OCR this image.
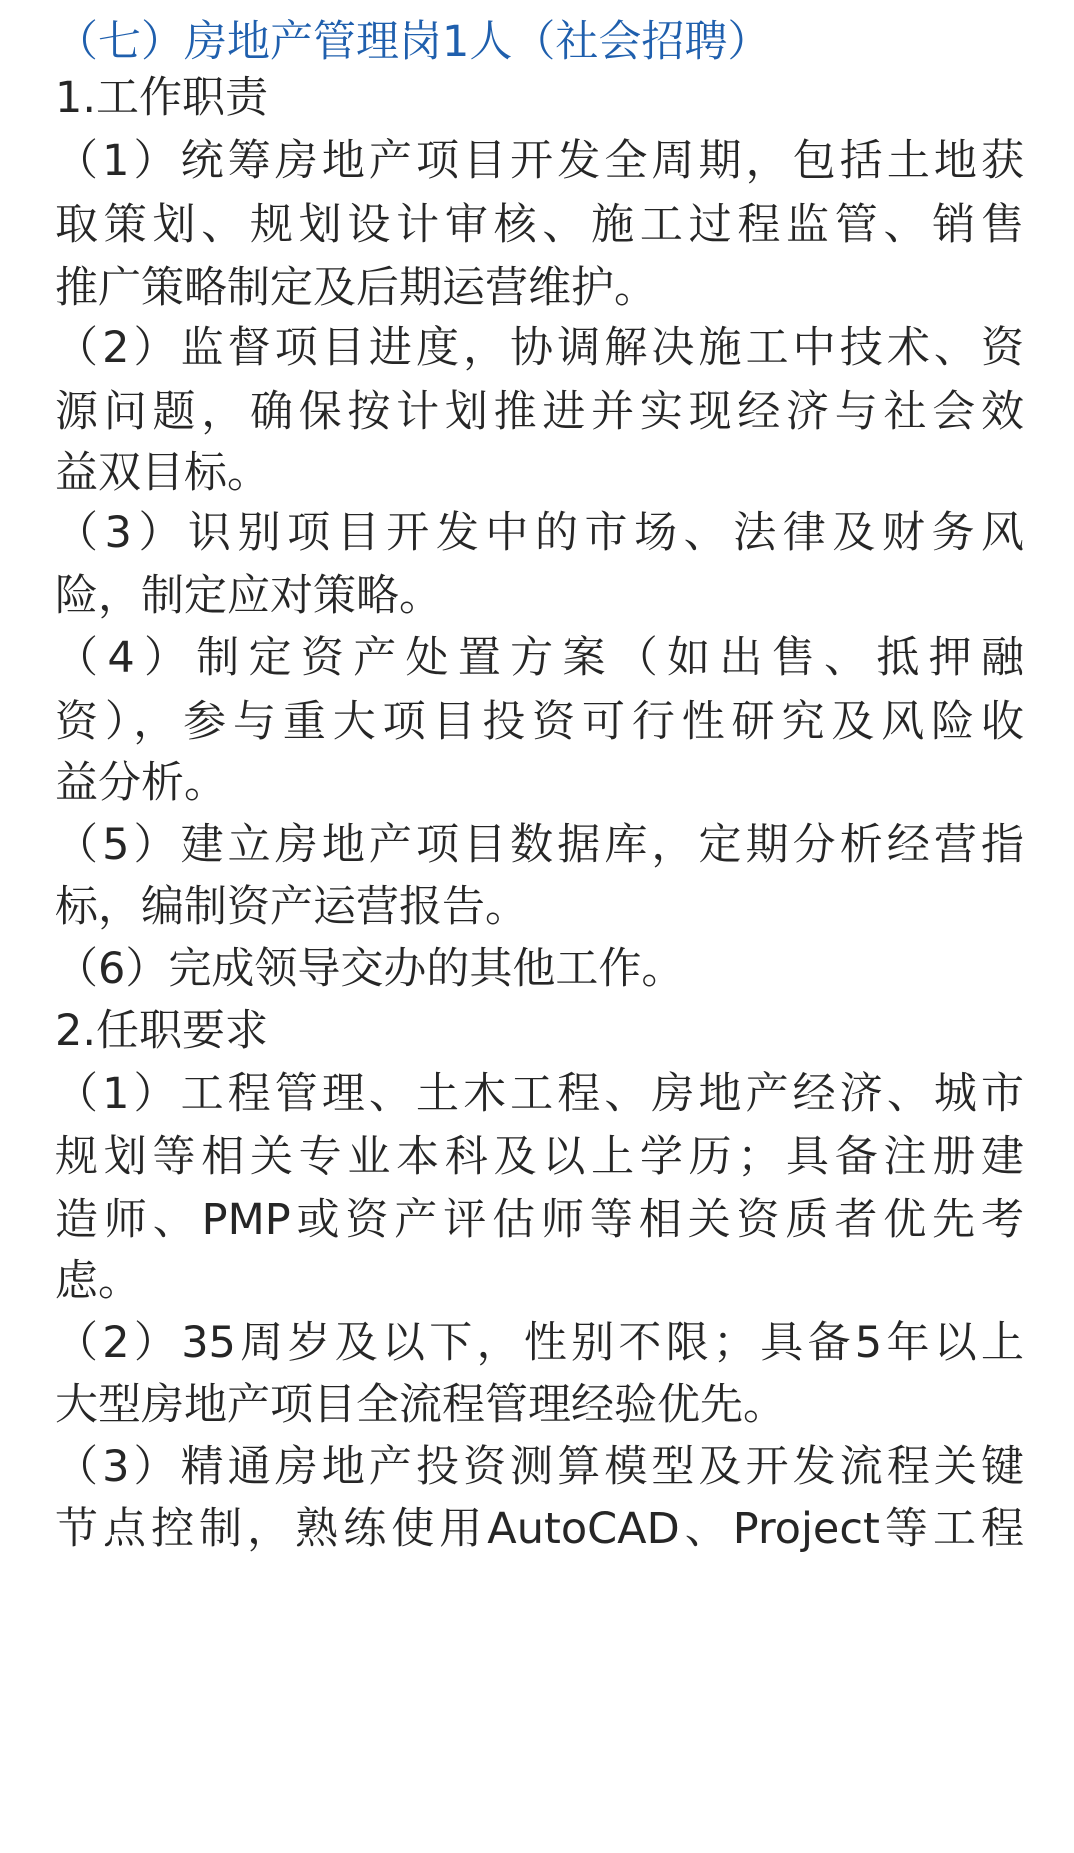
（七）房地产管理岗1人（社会招聘）
1.工作职责
（1）统筹房地产项目开发全周期，包括土地获
取策划、规划设计审核、施工过程监管、销售
推广策略制定及后期运营维护。
（2）监督项目进度，协调解决施工中技术、资
源问题，确保按计划推进并实现经济与社会效
益双目标。
（3）识别项目开发中的市场、法律及财务风
险，制定应对策略。
（4）制定资产处置方案（如出售、抵押融
资），参与重大项目投资可行性研究及风险收
益分析。
（5）建立房地产项目数据库，定期分析经营指
标，编制资产运营报告。
（6）完成领导交办的其他工作。
2.任职要求
（1）工程管理、土木工程、房地产经济、城市
规划等相关专业本科及以上学历；具备注册建
造师、PMP或资产评估师等相关资质者优先考
虑。
（2）35周岁及以下，性别不限；具备5年以上
大型房地产项目全流程管理经验优先。
（3）精通房地产投资测算模型及开发流程关键
节点控制，熟练使用AutoCAD、Project等工程
